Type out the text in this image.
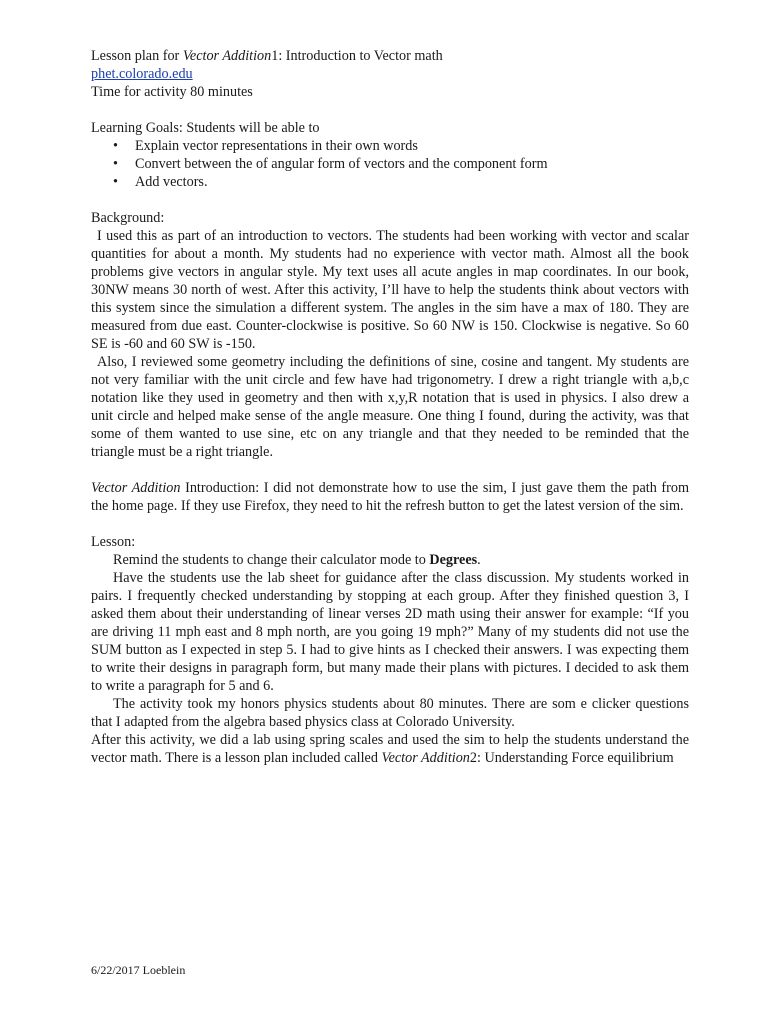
Lesson plan for Vector Addition1: Introduction to Vector math

phet.colorado.edu

Time for activity 80 minutes

Learning Goals: Students will be able to

• Explain vector representations in their own words
• Convert between the of angular form of vectors and the component form
• Add vectors.

Background:

I used this as part of an introduction to vectors. The students had been working with vector and scalar quantities for about a month. My students had no experience with vector math. Almost all the book problems give vectors in angular style. My text uses all acute angles in map coordinates. In our book, 30NW means 30 north of west. After this activity, I’ll have to help the students think about vectors with this system since the simulation a different system. The angles in the sim have a max of 180. They are measured from due east. Counter-clockwise is positive. So 60 NW is 150. Clockwise is negative. So 60 SE is -60 and 60 SW is -150.

Also, I reviewed some geometry including the definitions of sine, cosine and tangent. My students are not very familiar with the unit circle and few have had trigonometry. I drew a right triangle with a,b,c notation like they used in geometry and then with x,y,R notation that is used in physics. I also drew a unit circle and helped make sense of the angle measure. One thing I found, during the activity, was that some of them wanted to use sine, etc on any triangle and that they needed to be reminded that the triangle must be a right triangle.

Vector Addition Introduction: I did not demonstrate how to use the sim, I just gave them the path from the home page. If they use Firefox, they need to hit the refresh button to get the latest version of the sim.

Lesson:

Remind the students to change their calculator mode to Degrees.

Have the students use the lab sheet for guidance after the class discussion. My students worked in pairs. I frequently checked understanding by stopping at each group. After they finished question 3, I asked them about their understanding of linear verses 2D math using their answer for example: “If you are driving 11 mph east and 8 mph north, are you going 19 mph?” Many of my students did not use the SUM button as I expected in step 5. I had to give hints as I checked their answers. I was expecting them to write their designs in paragraph form, but many made their plans with pictures. I decided to ask them to write a paragraph for 5 and 6.

The activity took my honors physics students about 80 minutes. There are som e clicker questions that I adapted from the algebra based physics class at Colorado University.

After this activity, we did a lab using spring scales and used the sim to help the students understand the vector math. There is a lesson plan included called Vector Addition2: Understanding Force equilibrium

6/22/2017 Loeblein
